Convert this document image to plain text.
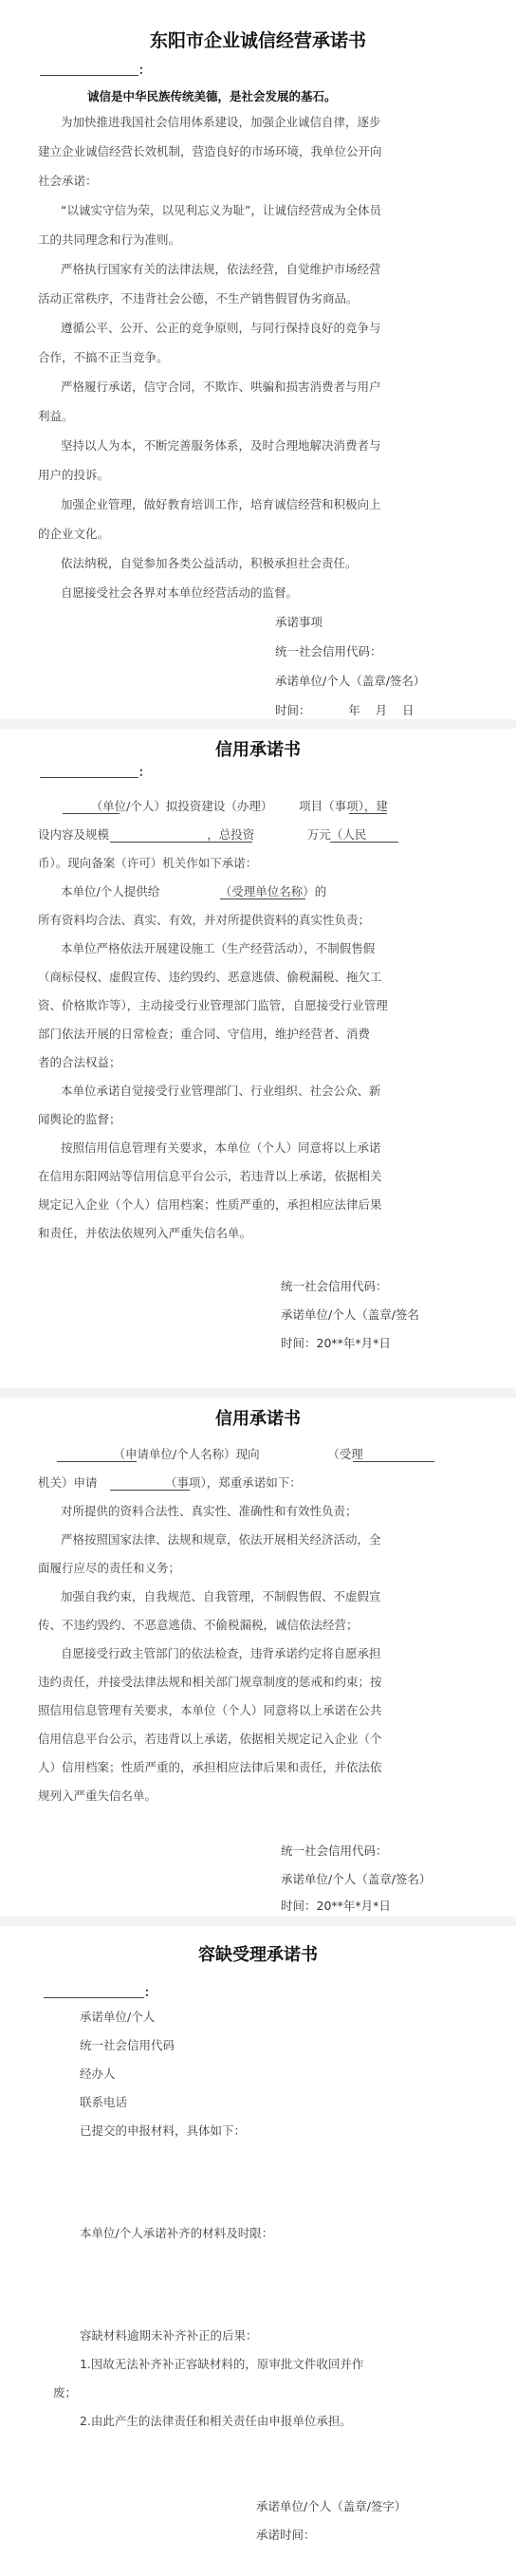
东阳市企业诚信经营承诺书
：
诚信是中华民族传统美德，是社会发展的基石。
为加快推进我国社会信用体系建设，加强企业诚信自律，逐步
建立企业诚信经营长效机制，营造良好的市场环境，我单位公开向
社会承诺：
“以诚实守信为荣，以见利忘义为耻”，让诚信经营成为全体员
工的共同理念和行为准则。
严格执行国家有关的法律法规，依法经营，自觉维护市场经营
活动正常秩序，不违背社会公德，不生产销售假冒伪劣商品。
遵循公平、公开、公正的竞争原则，与同行保持良好的竞争与
合作，不搞不正当竞争。
严格履行承诺，信守合同，不欺诈、哄骗和损害消费者与用户
利益。
坚持以人为本，不断完善服务体系，及时合理地解决消费者与
用户的投诉。
加强企业管理，做好教育培训工作，培育诚信经营和积极向上
的企业文化。
依法纳税，自觉参加各类公益活动，积极承担社会责任。
自愿接受社会各界对本单位经营活动的监督。
承诺事项
统一社会信用代码：
承诺单位/个人（盖章/签名）
时间：          年    月    日
信用承诺书
：
（单位/个人）拟投资建设（办理）       项目（事项），建
设内容及规模                          ，总投资              万元（人民
币）。现向备案（许可）机关作如下承诺：
本单位/个人提供给                （受理单位名称）的
所有资料均合法、真实、有效，并对所提供资料的真实性负责；
本单位严格依法开展建设施工（生产经营活动），不制假售假
（商标侵权、虚假宣传、违约毁约、恶意逃债、偷税漏税、拖欠工
资、价格欺诈等），主动接受行业管理部门监管，自愿接受行业管理
部门依法开展的日常检查；重合同、守信用，维护经营者、消费
者的合法权益；
本单位承诺自觉接受行业管理部门、行业组织、社会公众、新
闻舆论的监督；
按照信用信息管理有关要求，本单位（个人）同意将以上承诺
在信用东阳网站等信用信息平台公示，若违背以上承诺，依据相关
规定记入企业（个人）信用档案；性质严重的，承担相应法律后果
和责任，并依法依规列入严重失信名单。
统一社会信用代码：
承诺单位/个人（盖章/签名
时间：20**年*月*日
信用承诺书
（申请单位/个人名称）现向                  （受理
机关）申请                  （事项），郑重承诺如下：
对所提供的资料合法性、真实性、准确性和有效性负责；
严格按照国家法律、法规和规章，依法开展相关经济活动，全
面履行应尽的责任和义务；
加强自我约束，自我规范、自我管理，不制假售假、不虚假宣
传、不违约毁约、不恶意逃债、不偷税漏税，诚信依法经营；
自愿接受行政主管部门的依法检查，违背承诺约定将自愿承担
违约责任，并接受法律法规和相关部门规章制度的惩戒和约束；按
照信用信息管理有关要求，本单位（个人）同意将以上承诺在公共
信用信息平台公示，若违背以上承诺，依据相关规定记入企业（个
人）信用档案；性质严重的，承担相应法律后果和责任，并依法依
规列入严重失信名单。
统一社会信用代码：
承诺单位/个人（盖章/签名）
时间：20**年*月*日
容缺受理承诺书
：
承诺单位/个人
统一社会信用代码
经办人
联系电话
已提交的申报材料，具体如下：
本单位/个人承诺补齐的材料及时限：
容缺材料逾期未补齐补正的后果：
1.因故无法补齐补正容缺材料的，原审批文件收回并作
废；
2.由此产生的法律责任和相关责任由申报单位承担。
承诺单位/个人（盖章/签字）
承诺时间：
